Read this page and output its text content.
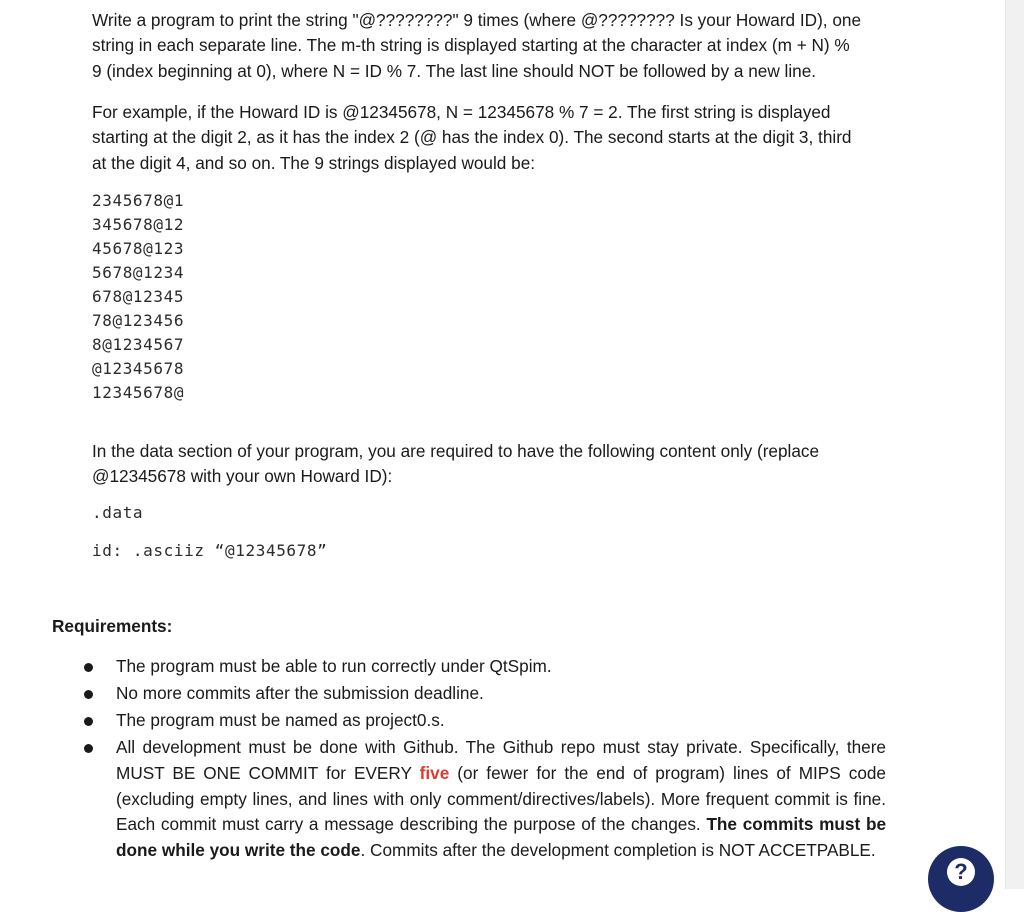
Write a program to print the string "@????????" 9 times (where @???????? Is your Howard ID), one
string in each separate line. The m-th string is displayed starting at the character at index (m + N) %
9 (index beginning at 0), where N = ID % 7. The last line should NOT be followed by a new line.

For example, if the Howard ID is @12345678, N = 12345678 % 7 = 2. The first string is displayed
starting at the digit 2, as it has the index 2 (@ has the index 0). The second starts at the digit 3, third
at the digit 4, and so on. The 9 strings displayed would be:

2345678@1
345678@12
45678@123
5678@1234
678@12345
78@123456
8@1234567
@12345678
12345678@

In the data section of your program, you are required to have the following content only (replace
@12345678 with your own Howard ID):

.data
id: .asciiz “@12345678”
Requirements:
The program must be able to run correctly under QtSpim.
No more commits after the submission deadline.
The program must be named as project0.s.
All development must be done with Github. The Github repo must stay private. Specifically, there MUST BE ONE COMMIT for EVERY five (or fewer for the end of program) lines of MIPS code (excluding empty lines, and lines with only comment/directives/labels). More frequent commit is fine. Each commit must carry a message describing the purpose of the changes. The commits must be done while you write the code. Commits after the development completion is NOT ACCETPABLE.
?
